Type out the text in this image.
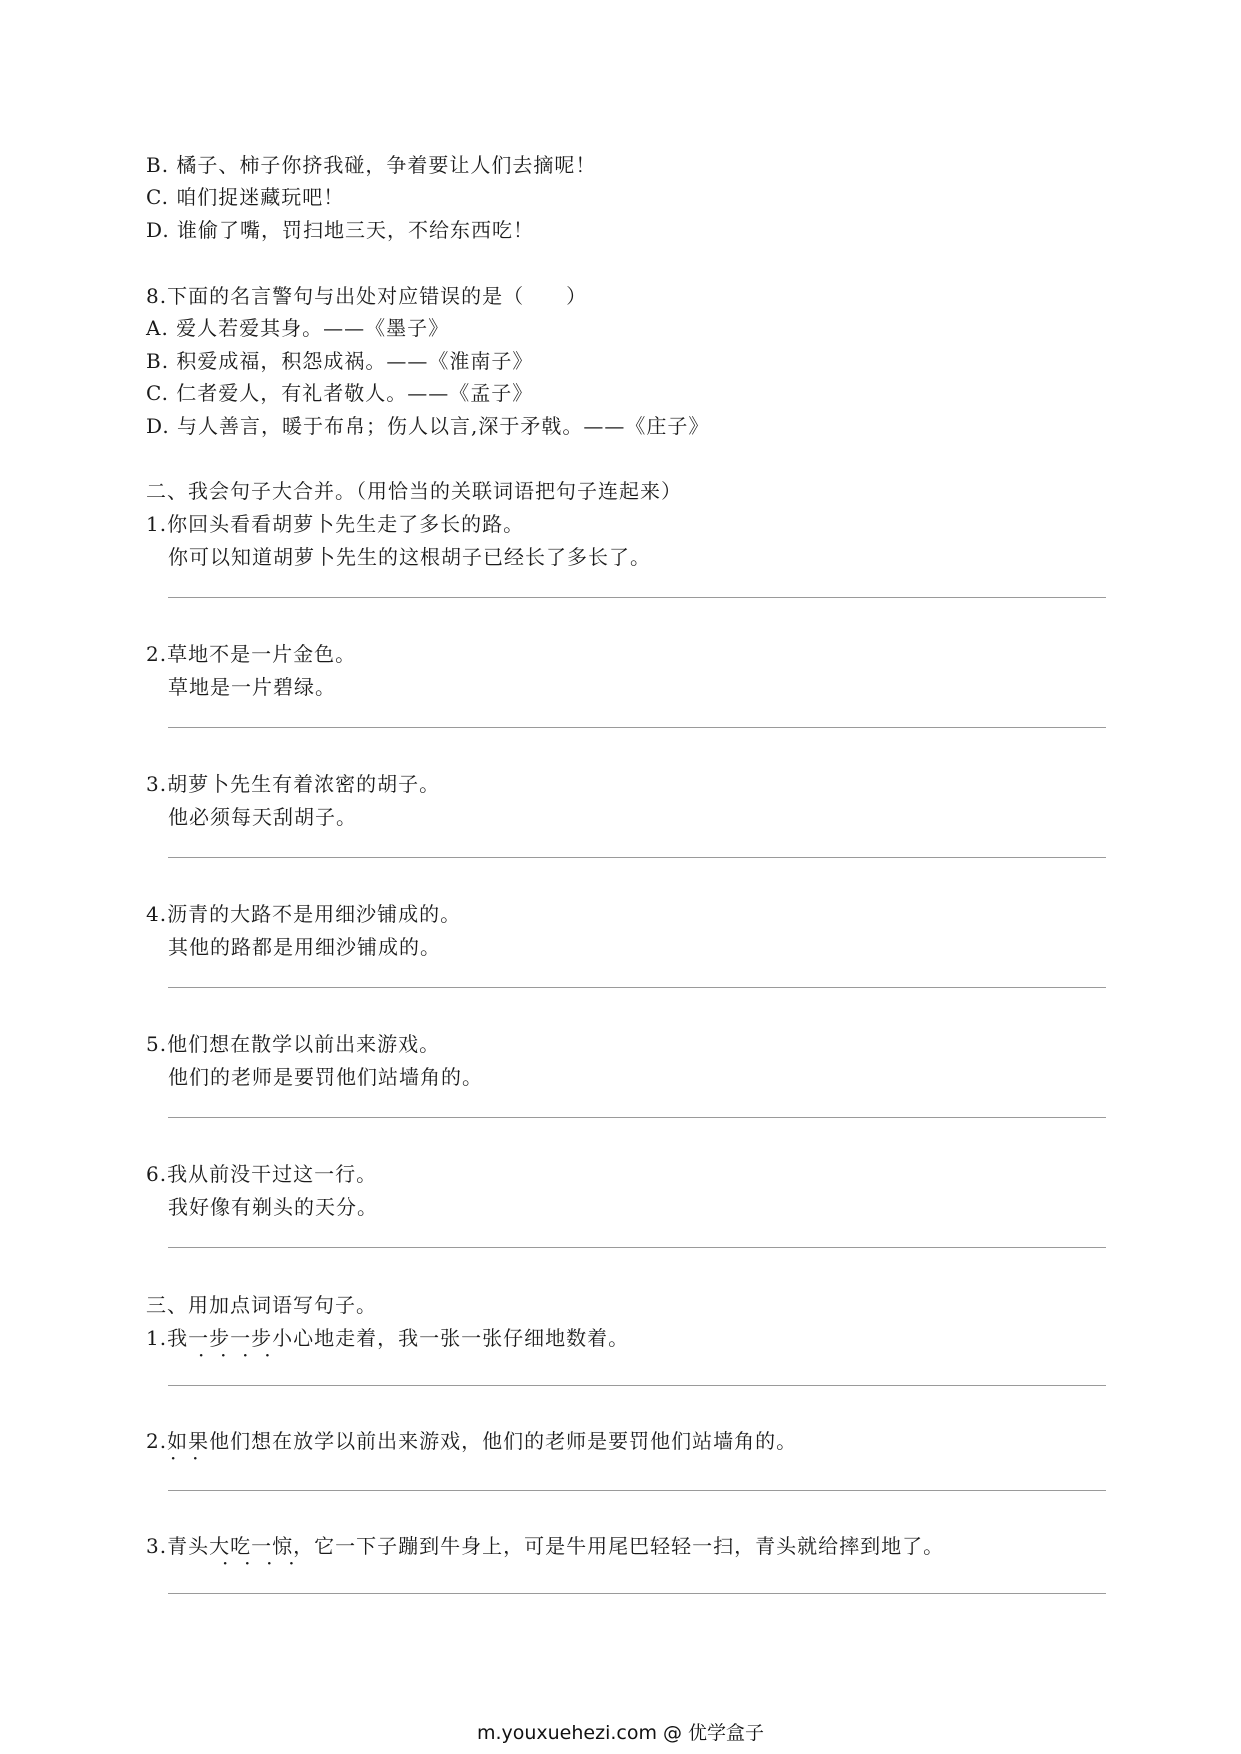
B. 橘子、柿子你挤我碰，争着要让人们去摘呢！
C. 咱们捉迷藏玩吧！
D. 谁偷了嘴，罚扫地三天，不给东西吃！
8.下面的名言警句与出处对应错误的是（　　）
A. 爱人若爱其身。——《墨子》
B. 积爱成福，积怨成祸。——《淮南子》
C. 仁者爱人，有礼者敬人。——《孟子》
D. 与人善言，暖于布帛；伤人以言,深于矛戟。——《庄子》
二、我会句子大合并。（用恰当的关联词语把句子连起来）
1.你回头看看胡萝卜先生走了多长的路。
你可以知道胡萝卜先生的这根胡子已经长了多长了。
2.草地不是一片金色。
草地是一片碧绿。
3.胡萝卜先生有着浓密的胡子。
他必须每天刮胡子。
4.沥青的大路不是用细沙铺成的。
其他的路都是用细沙铺成的。
5.他们想在散学以前出来游戏。
他们的老师是要罚他们站墙角的。
6.我从前没干过这一行。
我好像有剃头的天分。
三、用加点词语写句子。
1.我一步一步小心地走着，我一张一张仔细地数着。
·  ·  ·  ·
2.如果他们想在放学以前出来游戏，他们的老师是要罚他们站墙角的。
·  ·
3.青头大吃一惊，它一下子蹦到牛身上，可是牛用尾巴轻轻一扫，青头就给摔到地了。
·  ·  ·  ·
m.youxuehezi.com @ 优学盒子
